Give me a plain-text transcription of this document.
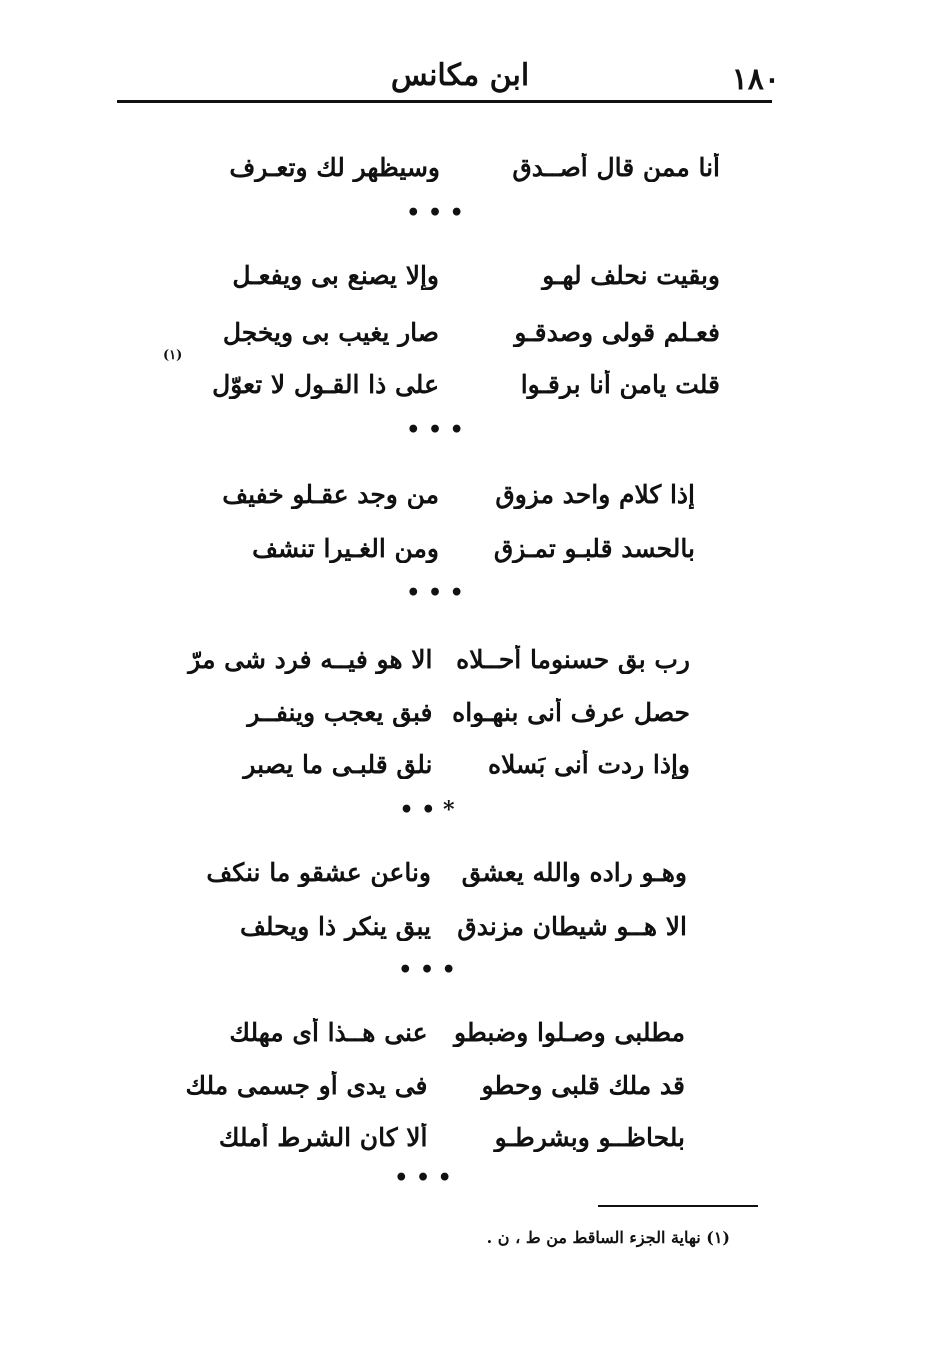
١٨٠
ابن مكانس
أنا ممن قال أصــدق
وسيظهر لك وتعـرف
• • •
وبقيت نحلف لهـو
وإلا يصنع بى ويفعـل
فعـلم قولى وصدقـو
صار يغيب بى ويخجل
(١)
قلت يامن أنا برقـوا
على ذا القـول لا تعوّل
• • •
إذا كلام واحد مزوق
من وجد عقـلو خفيف
بالحسد قلبـو تمـزق
ومن الغـيرا تنشف
• • •
رب بق حسنوما أحــلاه
الا هو فيــه فرد شى مرّ
حصل عرف أنى بنهـواه
فبق يعجب وينفــر
وإذا ردت أنى بَسلاه
نلق قلبـى ما يصبر
• • *
وهـو راده والله يعشق
وناعن عشقو ما ننكف
الا هــو شيطان مزندق
يبق ينكر ذا ويحلف
• • •
مطلبى وصـلوا وضبطو
عنى هــذا أى مهلك
قد ملك قلبى وحطو
فى يدى أو جسمى ملك
بلحاظــو وبشرطـو
ألا كان الشرط أملك
• • •
(١) نهاية الجزء الساقط من ط ، ن .
